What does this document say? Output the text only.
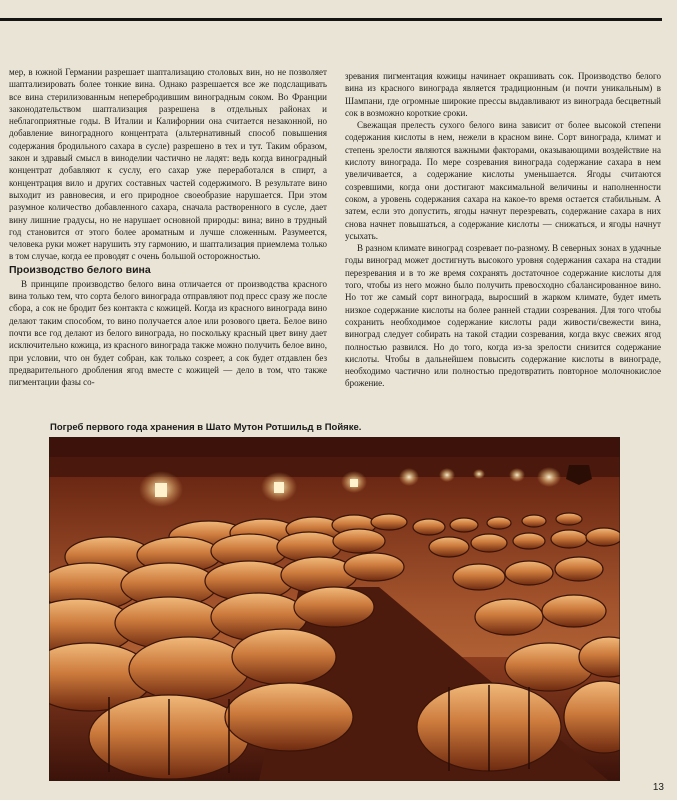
мер, в южной Германии разрешает шаптализацию столовых вин, но не позволяет шаптализировать более тонкие вина. Однако разрешается все же подслащивать все вина стерилизованным неперебродившим виноградным соком. Во Франции законодательством шаптализация разрешена в отдельных районах и неблагоприятные годы. В Италии и Калифорнии она считается незаконной, но добавление виноградного концентрата (альтернативный способ повышения содержания бродильного сахара в сусле) разрешено в тех и тут. Таким образом, закон и здравый смысл в виноделии частично не ладят: ведь когда виноградный концентрат добавляют к суслу, его сахар уже переработался в спирт, а концентрация вило и других составных частей содержимого. В результате вино выходит из равновесия, и его природное своеобразие нарушается. При этом разумное количество добавленного сахара, сначала растворенного в сусле, дает вину лишние градусы, но не нарушает основной природы: вина; вино в трудный год становится от этого более ароматным и лучше сложенным. Разумеется, человека руки может нарушить эту гармонию, и шаптализация приемлема только в том случае, когда ее проводят с очень большой осторожностью.

Производство белого вина

В принципе производство белого вина отличается от производства красного вина только тем, что сорта белого винограда отправляют под пресс сразу же после сбора, а сок не бродит без контакта с кожицей. Когда из красного винограда вино делают таким способом, то вино получается алое или розового цвета. Белое вино почти все год делают из белого винограда, но поскольку красный цвет вину дает исключительно кожица, из красного винограда также можно получить белое вино, при условии, что он будет собран, как только созреет, а сок будет отдавлен без предварительного дробления ягод вместе с кожицей — дело в том, что также пигментации фазы со-

зревания пигментация кожицы начинает окрашивать сок. Производство белого вина из красного винограда является традиционным (и почти уникальным) в Шампани, где огромные широкие прессы выдавливают из винограда бесцветный сок в возможно короткие сроки.

Свежащая прелесть сухого белого вина зависит от более высокой степени содержания кислоты в нем, нежели в красном вине. Сорт винограда, климат и степень зрелости являются важными факторами, оказывающими воздействие на кислоту винограда. По мере созревания винограда содержание сахара в нем увеличивается, а содержание кислоты уменьшается. Ягоды считаются созревшими, когда они достигают максимальной величины и наполненности соком, а уровень содержания сахара на какое-то время остается стабильным. А затем, если это допустить, ягоды начнут перезревать, содержание сахара в них снова начнет повышаться, а содержание кислоты — снижаться, и ягоды начнут усыхать.

В разном климате виноград созревает по-разному. В северных зонах в удачные годы виноград может достигнуть высокого уровня содержания сахара на стадии перезревания и в то же время сохранять достаточное содержание кислоты для того, чтобы из него можно было получить превосходно сбалансированное вино. Но тот же самый сорт винограда, выросший в жарком климате, будет иметь низкое содержание кислоты на более ранней стадии созревания. Для того чтобы сохранить необходимое содержание кислоты ради живости/свежести вина, виноград следует собирать на такой стадии созревания, когда вкус свежих ягод полностью развился. Но до того, когда из-за зрелости снизится содержание кислоты. Чтобы в дальнейшем повысить содержание кислоты в винограде, необходимо частично или полностью предотвратить повторное молочнокислое брожение.

Погреб первого года хранения в Шато Мутон Ротшильд в Пойяке.
13
